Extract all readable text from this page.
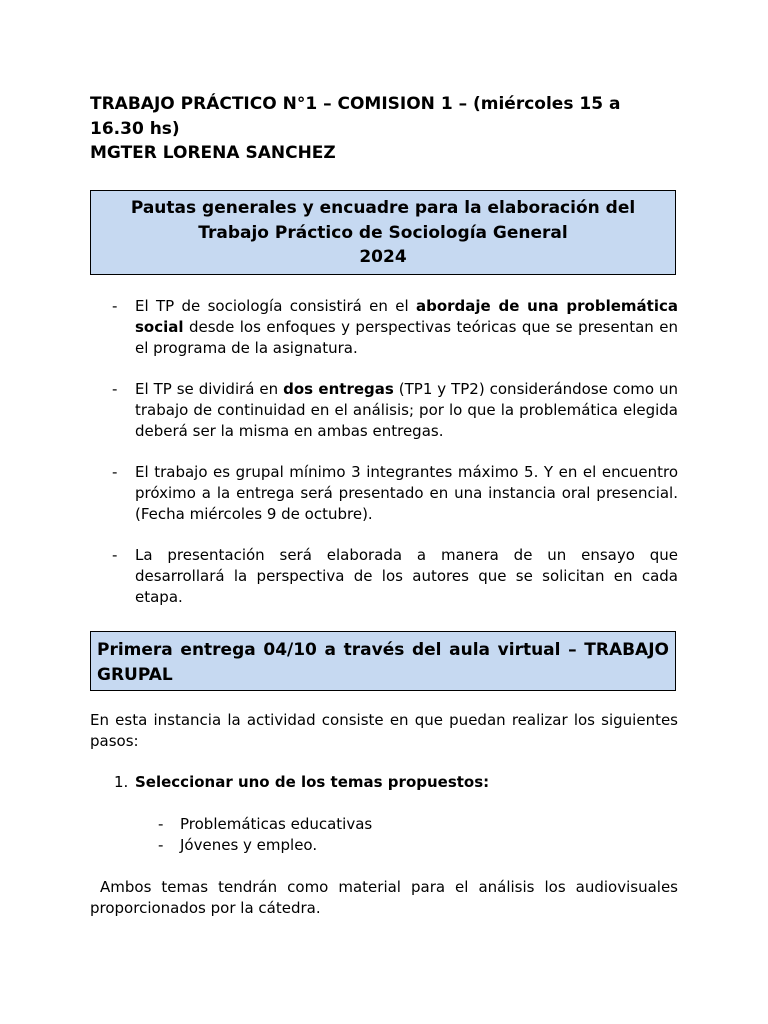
TRABAJO PRÁCTICO N°1 – COMISION 1 – (miércoles 15 a
16.30 hs)
MGTER LORENA SANCHEZ
Pautas generales y encuadre para la elaboración del
Trabajo Práctico de Sociología General
2024
- El TP de sociología consistirá en el abordaje de una problemática social desde los enfoques y perspectivas teóricas que se presentan en el programa de la asignatura.
- El TP se dividirá en dos entregas (TP1 y TP2) considerándose como un trabajo de continuidad en el análisis; por lo que la problemática elegida deberá ser la misma en ambas entregas.
- El trabajo es grupal mínimo 3 integrantes máximo 5. Y en el encuentro próximo a la entrega será presentado en una instancia oral presencial. (Fecha miércoles 9 de octubre).
- La presentación será elaborada a manera de un ensayo que desarrollará la perspectiva de los autores que se solicitan en cada etapa.
Primera entrega 04/10 a través del aula virtual – TRABAJO GRUPAL
En esta instancia la actividad consiste en que puedan realizar los siguientes pasos:
1. Seleccionar uno de los temas propuestos:
- Problemáticas educativas
- Jóvenes y empleo.
Ambos temas tendrán como material para el análisis los audiovisuales proporcionados por la cátedra.
